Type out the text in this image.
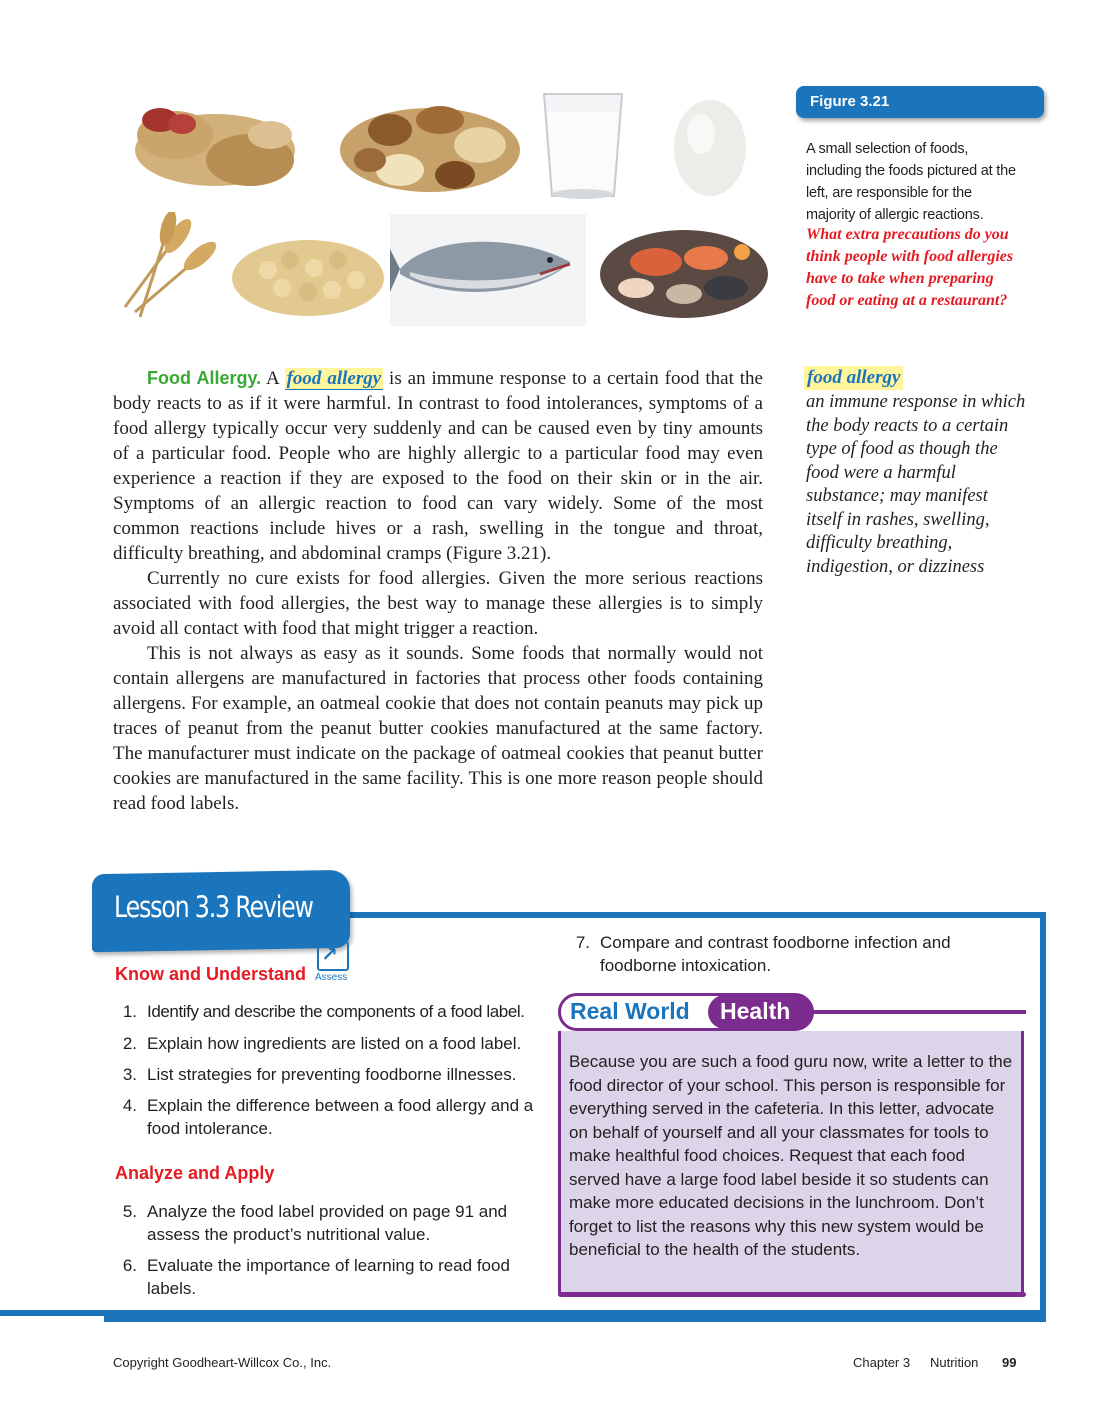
Figure 3.21
A small selection of foods, including the foods pictured at the left, are responsible for the majority of allergic reactions.
What extra precautions do you think people with food allergies have to take when preparing food or eating at a restaurant?

Food Allergy. A food allergy is an immune response to a certain food that the body reacts to as if it were harmful. In contrast to food intolerances, symptoms of a food allergy typically occur very suddenly and can be caused even by tiny amounts of a particular food. People who are highly allergic to a particular food may even experience a reaction if they are exposed to the food on their skin or in the air. Symptoms of an allergic reaction to food can vary widely. Some of the most common reactions include hives or a rash, swelling in the tongue and throat, difficulty breathing, and abdominal cramps (Figure 3.21).

Currently no cure exists for food allergies. Given the more serious reactions associated with food allergies, the best way to manage these allergies is to simply avoid all contact with food that might trigger a reaction.

This is not always as easy as it sounds. Some foods that normally would not contain allergens are manufactured in factories that process other foods containing allergens. For example, an oatmeal cookie that does not contain peanuts may pick up traces of peanut from the peanut butter cookies manufactured at the same factory. The manufacturer must indicate on the package of oatmeal cookies that peanut butter cookies are manufactured in the same facility. This is one more reason people should read food labels.

food allergy
an immune response in which the body reacts to a certain type of food as though the food were a harmful substance; may manifest itself in rashes, swelling, difficulty breathing, indigestion, or dizziness
Lesson 3.3 Review
Know and Understand
↗
Assess
1. Identify and describe the components of a food label.
2. Explain how ingredients are listed on a food label.
3. List strategies for preventing foodborne illnesses.
4. Explain the difference between a food allergy and a food intolerance.
Analyze and Apply
5. Analyze the food label provided on page 91 and assess the product’s nutritional value.
6. Evaluate the importance of learning to read food labels.
7. Compare and contrast foodborne infection and foodborne intoxication.
Real World Health
Because you are such a food guru now, write a letter to the food director of your school. This person is responsible for everything served in the cafeteria. In this letter, advocate on behalf of yourself and all your classmates for tools to make healthful food choices. Request that each food served have a large food label beside it so students can make more educated decisions in the lunchroom. Don’t forget to list the reasons why this new system would be beneficial to the health of the students.
Copyright Goodheart-Willcox Co., Inc.	Chapter 3 Nutrition 99
